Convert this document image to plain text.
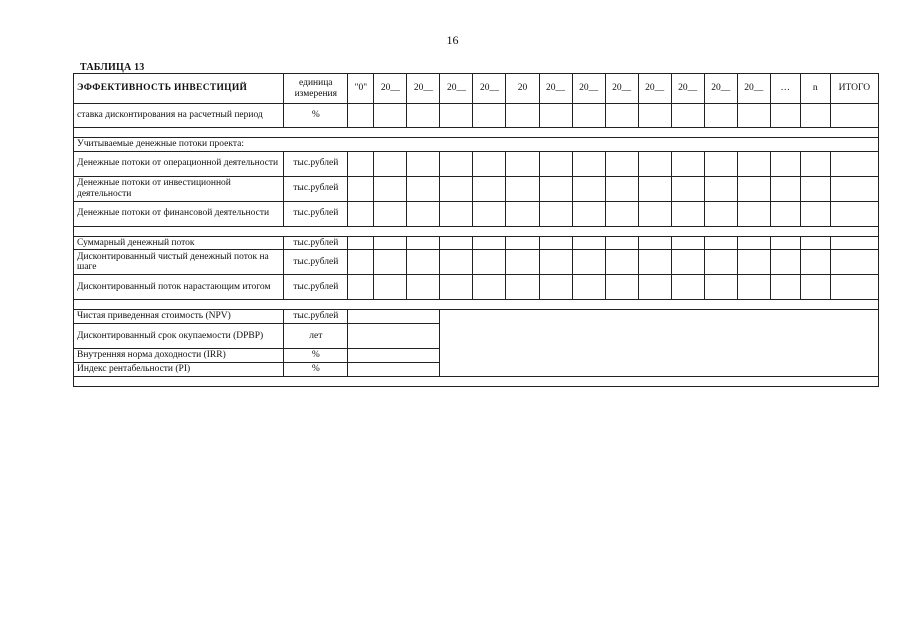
16
ТАБЛИЦА 13
ЭФФЕКТИВНОСТЬ ИНВЕСТИЦИЙ	единица измерения	"0"	20__	20__	20__	20__	20	20__	20__	20__	20__	20__	20__	20__	…	n	ИТОГО
ставка дисконтирования на расчетный период	%																

Учитываемые денежные потоки проекта:																	
Денежные потоки от операционной деятельности	тыс.рублей																
Денежные потоки от инвестиционной деятельности	тыс.рублей																
Денежные потоки от финансовой деятельности	тыс.рублей																

Суммарный денежный поток	тыс.рублей																
Дисконтированный чистый денежный поток на шаге	тыс.рублей																
Дисконтированный поток нарастающим итогом	тыс.рублей																

Чистая приведенная стоимость (NPV)	тыс.рублей																
Дисконтированный срок окупаемости (DPBP)	лет																
Внутренняя норма доходности (IRR)	%																
Индекс рентабельности (PI)	%																
